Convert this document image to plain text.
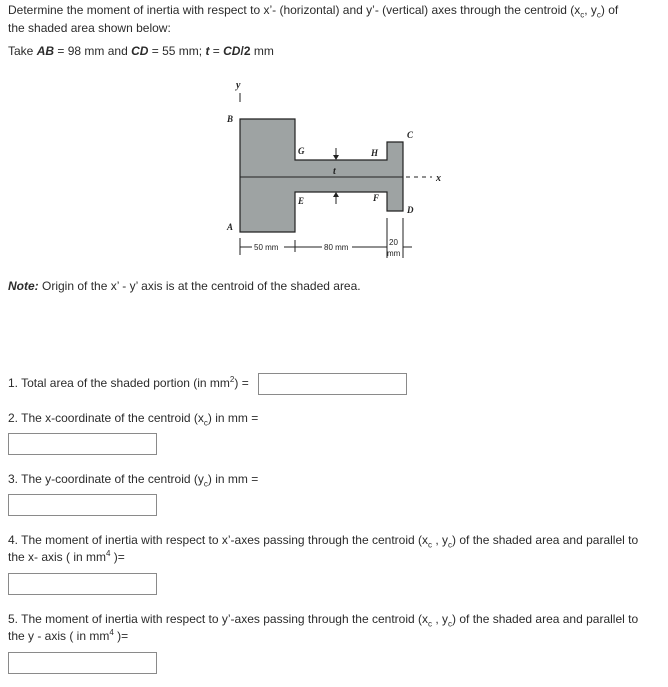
Determine the moment of inertia with respect to x’- (horizontal) and y’- (vertical) axes through the centroid ($x_c$, $y_c$) of
the shaded area shown below:
Take AB = 98 mm and CD = 55 mm; t = CD/2 mm
y
B
A
G
E
H
F
C
D
t
x
50 mm	80 mm
20
mm
Note: Origin of the x’ - y’ axis is at the centroid of the shaded area.
1. Total area of the shaded portion (in $mm^2$) =
2. The x-coordinate of the centroid $(x_c)$ in mm =
3. The y-coordinate of the centroid $(y_c)$ in mm =
4. The moment of inertia with respect to x’-axes passing through the centroid ($x_c$ , $y_c$) of the shaded area and parallel to
the x- axis ( in $mm^4$ )=
5. The moment of inertia with respect to y’-axes passing through the centroid ($x_c$ , $y_c$) of the shaded area and parallel to
the y - axis ( in $mm^4$ )=
